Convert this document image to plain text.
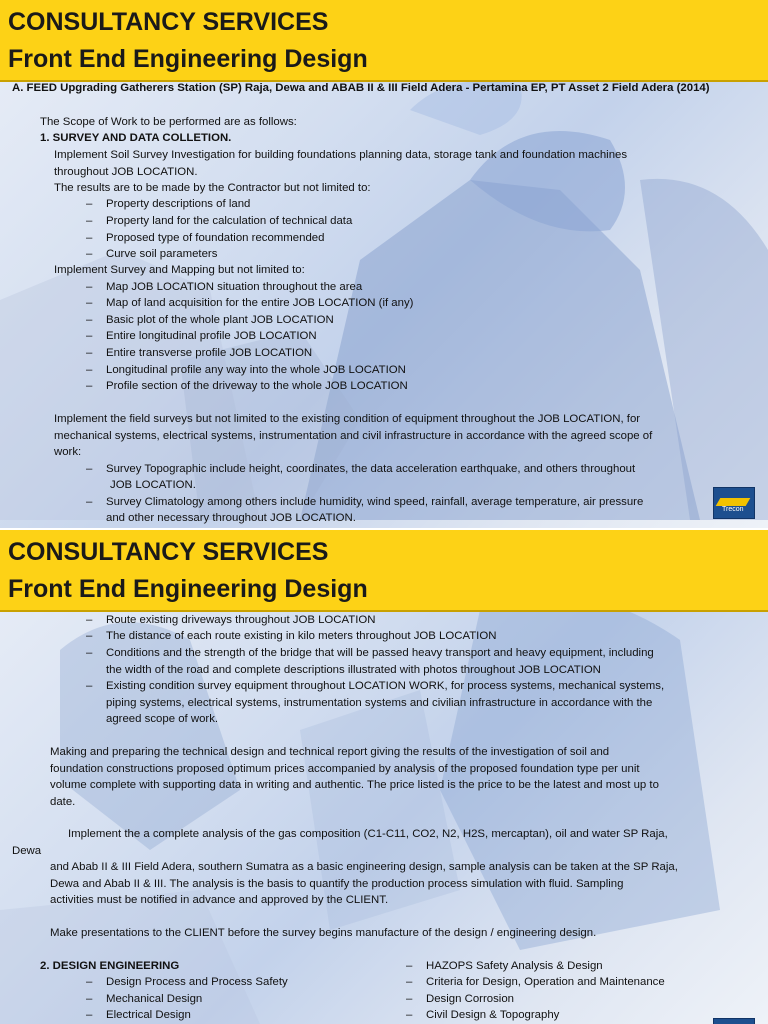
CONSULTANCY SERVICES
Front End Engineering Design
A. FEED Upgrading Gatherers Station (SP) Raja, Dewa and ABAB II & III Field Adera - Pertamina EP, PT Asset 2 Field Adera (2014)
The Scope of Work to be performed are as follows:
1. SURVEY AND DATA COLLETION.
Implement Soil Survey Investigation for building foundations planning data, storage tank and foundation machines
throughout JOB LOCATION.
The results are to be made by the Contractor but not limited to:
– Property descriptions of land
– Property land for the calculation of technical data
– Proposed type of foundation recommended
– Curve soil parameters
Implement Survey and Mapping but not limited to:
– Map JOB LOCATION situation throughout the area
– Map of land acquisition for the entire JOB LOCATION (if any)
– Basic plot of the whole plant JOB LOCATION
– Entire longitudinal profile JOB LOCATION
– Entire transverse profile JOB LOCATION
– Longitudinal profile any way into the whole JOB LOCATION
– Profile section of the driveway to the whole JOB LOCATION
Implement the field surveys but not limited to the existing condition of equipment throughout the JOB LOCATION, for
mechanical systems, electrical systems, instrumentation and civil infrastructure in accordance with the agreed scope of
work:
– Survey Topographic include height, coordinates, the data acceleration earthquake, and others throughout
JOB LOCATION.
– Survey Climatology among others include humidity, wind speed, rainfall, average temperature, air pressure
and other necessary throughout JOB LOCATION.
Trecon
CONSULTANCY SERVICES
Front End Engineering Design
– Route existing driveways throughout JOB LOCATION
– The distance of each route existing in kilo meters throughout JOB LOCATION
– Conditions and the strength of the bridge that will be passed heavy transport and heavy equipment, including
the width of the road and complete descriptions illustrated with photos throughout JOB LOCATION
– Existing condition survey equipment throughout LOCATION WORK, for process systems, mechanical systems,
piping systems, electrical systems, instrumentation systems and civilian infrastructure in accordance with the
agreed scope of work.
Making and preparing the technical design and technical report giving the results of the investigation of soil and
foundation constructions proposed optimum prices accompanied by analysis of the proposed foundation type per unit
volume complete with supporting data in writing and authentic. The price listed is the price to be the latest and most up to
date.
Implement the a complete analysis of the gas composition (C1-C11, CO2, N2, H2S, mercaptan), oil and water SP Raja,
Dewa
and Abab II & III Field Adera, southern Sumatra as a basic engineering design, sample analysis can be taken at the SP Raja,
Dewa and Abab II & III. The analysis is the basis to quantify the production process simulation with fluid. Sampling
activities must be notified in advance and approved by the CLIENT.
Make presentations to the CLIENT before the survey begins manufacture of the design / engineering design.
2. DESIGN ENGINEERING
– Design Process and Process Safety
– Mechanical Design
– Electrical Design
– HAZOPS Safety Analysis & Design
– Criteria for Design, Operation and Maintenance
– Design Corrosion
– Civil Design & Topography
